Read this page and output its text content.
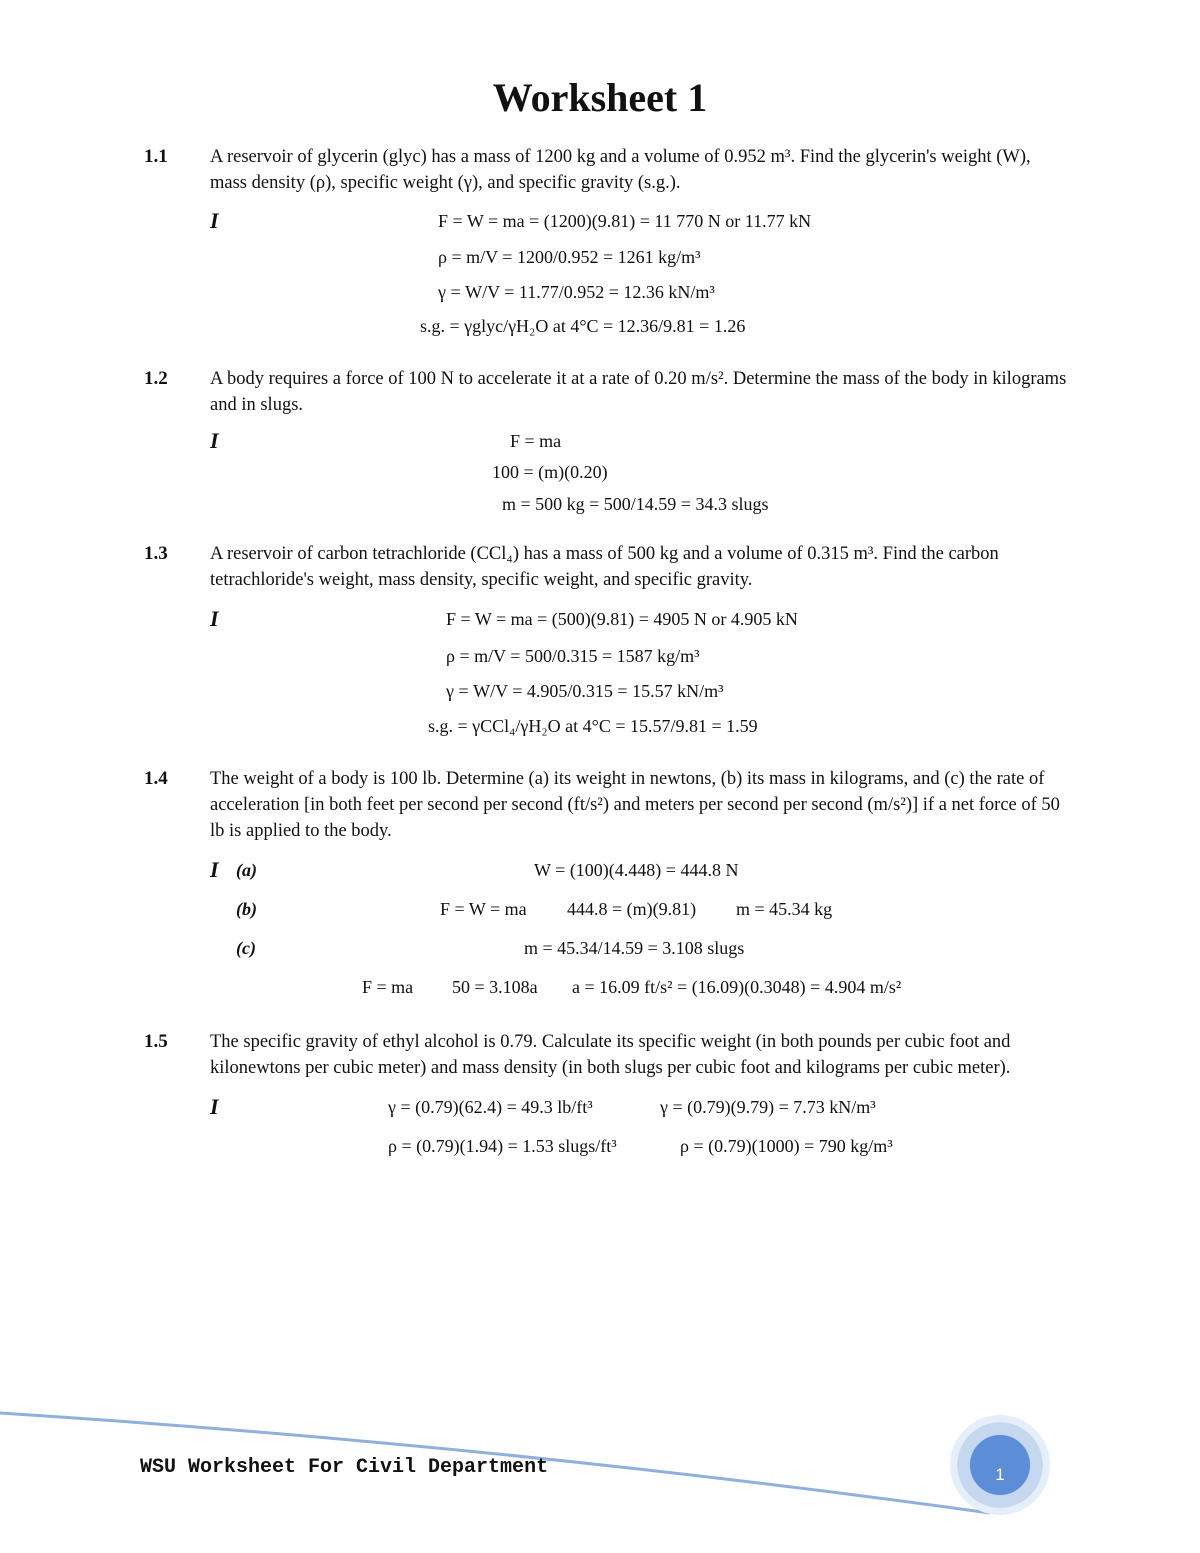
Worksheet 1
1.1 A reservoir of glycerin (glyc) has a mass of 1200 kg and a volume of 0.952 m³. Find the glycerin's weight (W), mass density (ρ), specific weight (γ), and specific gravity (s.g.).
I	F = W = ma = (1200)(9.81) = 11 770 N or 11.77 kN
ρ = m/V = 1200/0.952 = 1261 kg/m³
γ = W/V = 11.77/0.952 = 12.36 kN/m³
s.g. = γglyc/γH₂O at 4°C = 12.36/9.81 = 1.26
1.2 A body requires a force of 100 N to accelerate it at a rate of 0.20 m/s². Determine the mass of the body in kilograms and in slugs.
I	F = ma
100 = (m)(0.20)
m = 500 kg = 500/14.59 = 34.3 slugs
1.3 A reservoir of carbon tetrachloride (CCl₄) has a mass of 500 kg and a volume of 0.315 m³. Find the carbon tetrachloride's weight, mass density, specific weight, and specific gravity.
I	F = W = ma = (500)(9.81) = 4905 N or 4.905 kN
ρ = m/V = 500/0.315 = 1587 kg/m³
γ = W/V = 4.905/0.315 = 15.57 kN/m³
s.g. = γCCl₄/γH₂O at 4°C = 15.57/9.81 = 1.59
1.4 The weight of a body is 100 lb. Determine (a) its weight in newtons, (b) its mass in kilograms, and (c) the rate of acceleration [in both feet per second per second (ft/s²) and meters per second per second (m/s²)] if a net force of 50 lb is applied to the body.
I (a)	W = (100)(4.448) = 444.8 N
(b)	F = W = ma 444.8 = (m)(9.81) m = 45.34 kg
(c)	m = 45.34/14.59 = 3.108 slugs
F = ma 50 = 3.108a a = 16.09 ft/s² = (16.09)(0.3048) = 4.904 m/s²
1.5 The specific gravity of ethyl alcohol is 0.79. Calculate its specific weight (in both pounds per cubic foot and kilonewtons per cubic meter) and mass density (in both slugs per cubic foot and kilograms per cubic meter).
I	γ = (0.79)(62.4) = 49.3 lb/ft³	γ = (0.79)(9.79) = 7.73 kN/m³
ρ = (0.79)(1.94) = 1.53 slugs/ft³	ρ = (0.79)(1000) = 790 kg/m³
1
WSU Worksheet For Civil Department
